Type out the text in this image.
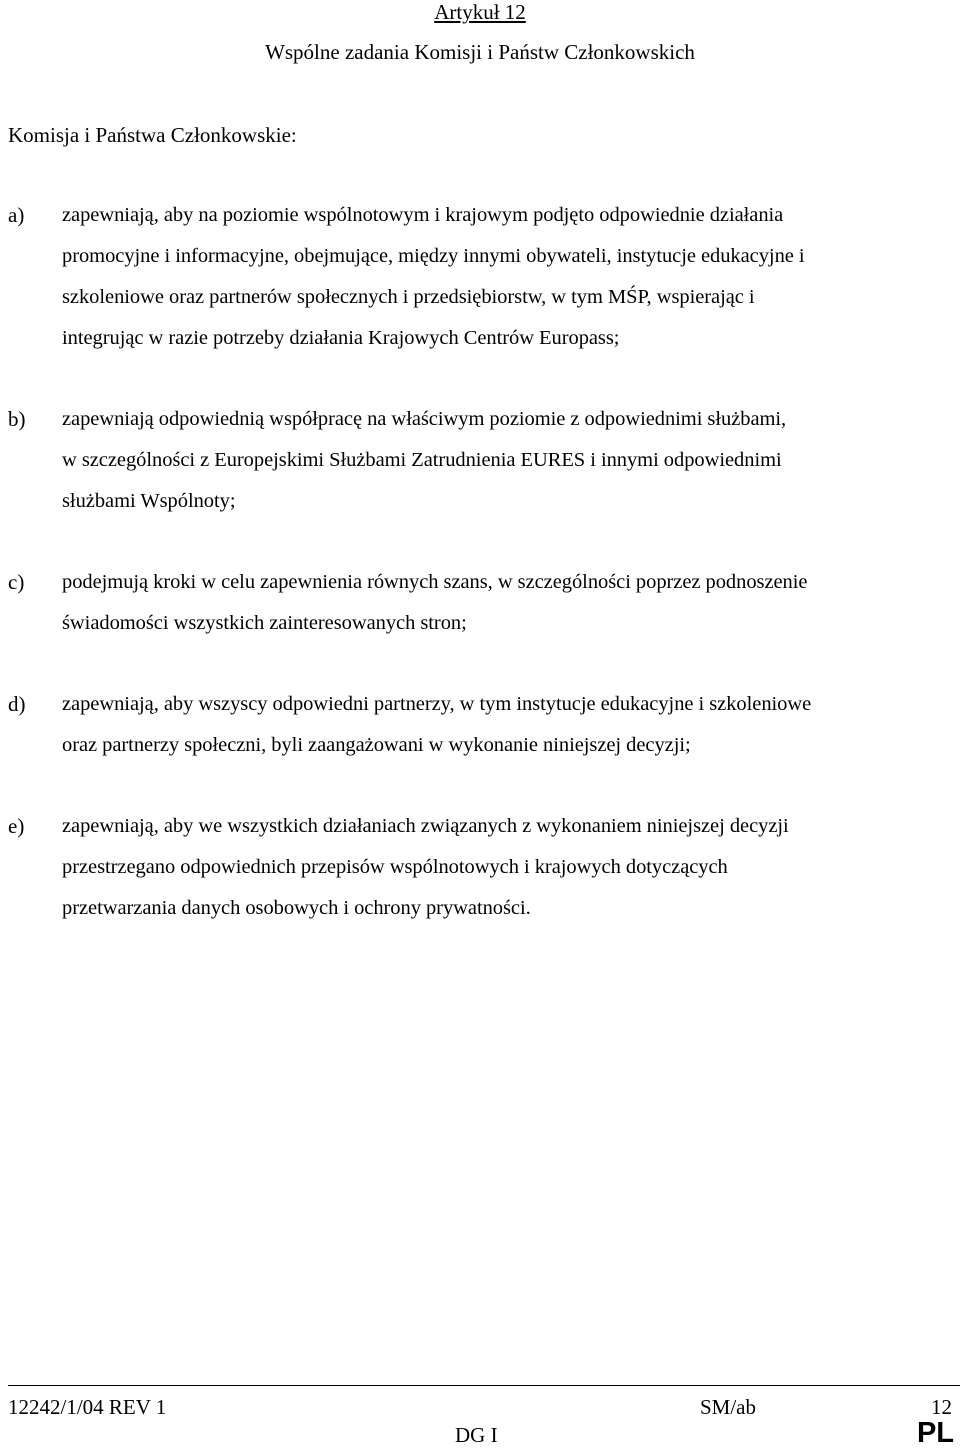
Artykuł 12
Wspólne zadania Komisji i Państw Członkowskich
Komisja i Państwa Członkowskie:
a) zapewniają, aby na poziomie wspólnotowym i krajowym podjęto odpowiednie działania
promocyjne i informacyjne, obejmujące, między innymi obywateli, instytucje edukacyjne i
szkoleniowe oraz partnerów społecznych i przedsiębiorstw, w tym MŚP, wspierając i
integrując w razie potrzeby działania Krajowych Centrów Europass;
b) zapewniają odpowiednią współpracę na właściwym poziomie z odpowiednimi służbami,
w szczególności z Europejskimi Służbami Zatrudnienia EURES i innymi odpowiednimi
służbami Wspólnoty;
c) podejmują kroki w celu zapewnienia równych szans, w szczególności poprzez podnoszenie
świadomości wszystkich zainteresowanych stron;
d) zapewniają, aby wszyscy odpowiedni partnerzy, w tym instytucje edukacyjne i szkoleniowe
oraz partnerzy społeczni, byli zaangażowani w wykonanie niniejszej decyzji;
e) zapewniają, aby we wszystkich działaniach związanych z wykonaniem niniejszej decyzji
przestrzegano odpowiednich przepisów wspólnotowych i krajowych dotyczących
przetwarzania danych osobowych i ochrony prywatności.
12242/1/04 REV 1	SM/ab	12
DG I	PL
